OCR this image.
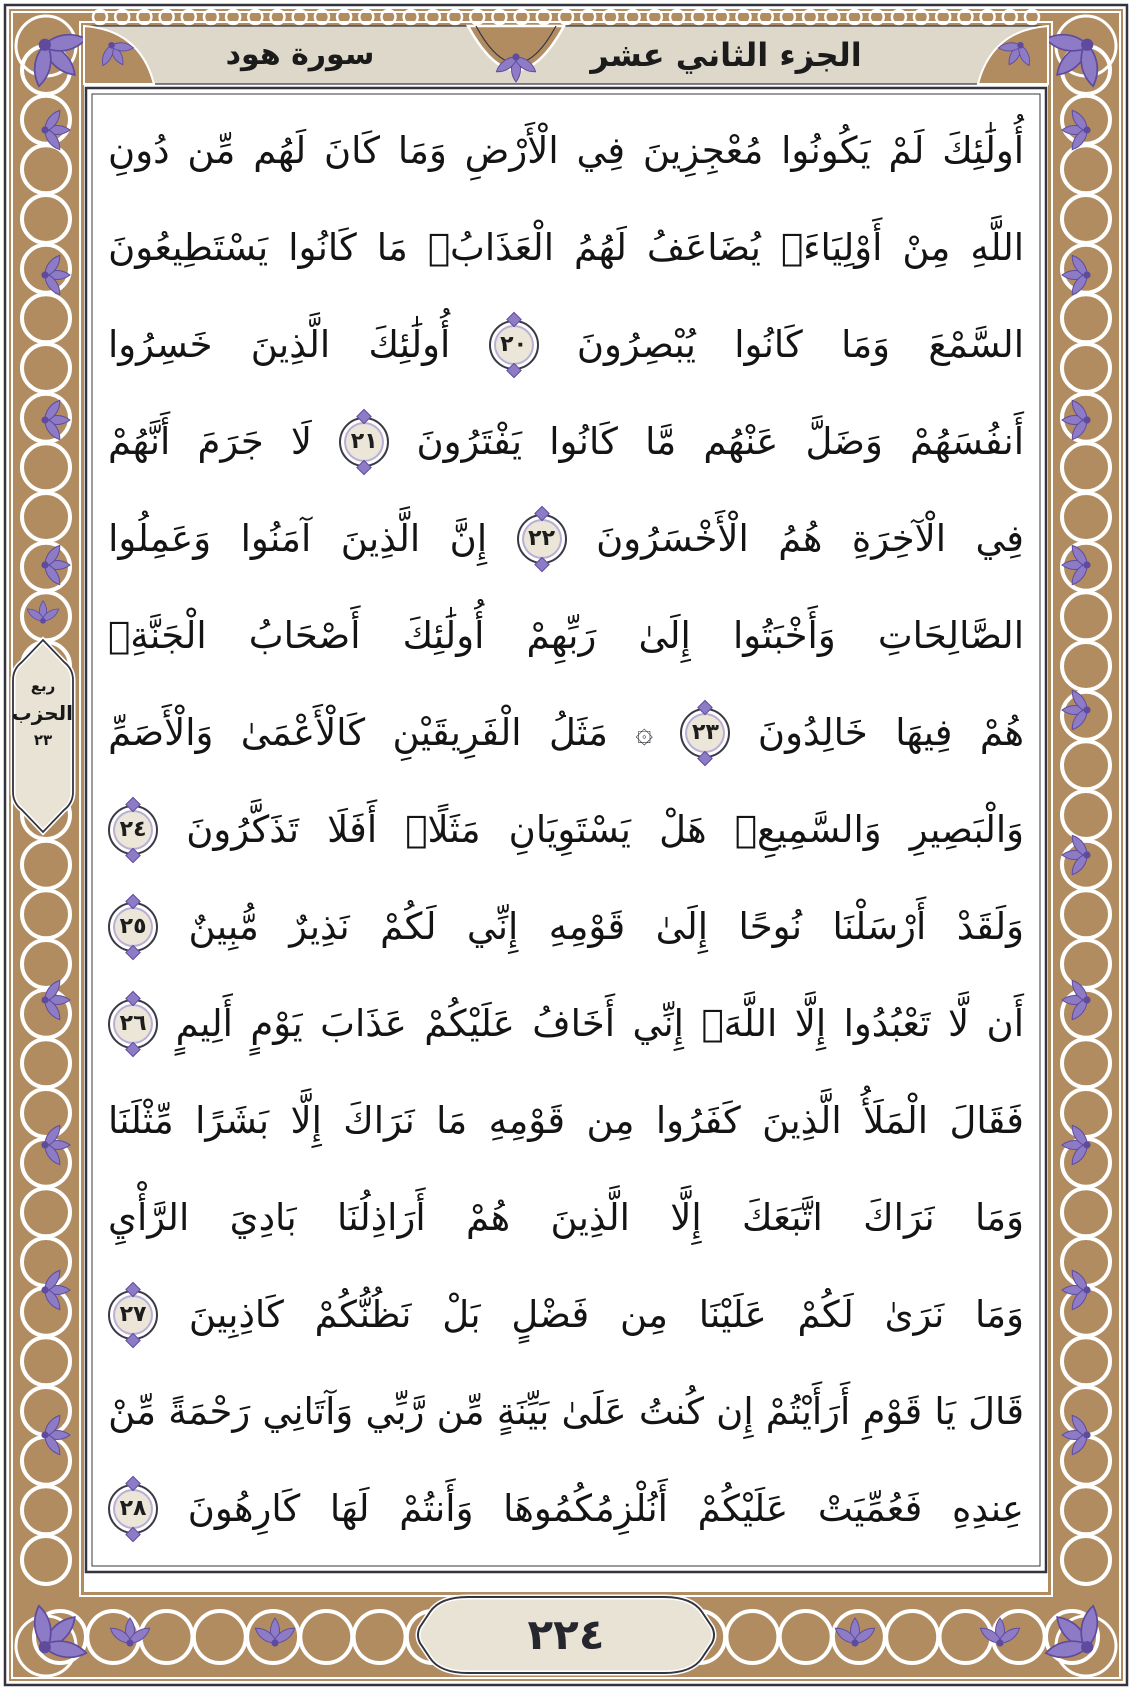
الجزء الثاني عشر
سورة هود
أُولَٰئِكَ
لَمْ
يَكُونُوا
مُعْجِزِينَ
فِي
الْأَرْضِ
وَمَا
كَانَ
لَهُم
مِّن
دُونِ
اللَّهِ
مِنْ
أَوْلِيَاءَۘ
يُضَاعَفُ
لَهُمُ
الْعَذَابُۚ
مَا
كَانُوا
يَسْتَطِيعُونَ
السَّمْعَ
وَمَا
كَانُوا
يُبْصِرُونَ
٢٠
أُولَٰئِكَ
الَّذِينَ
خَسِرُوا
أَنفُسَهُمْ
وَضَلَّ
عَنْهُم
مَّا
كَانُوا
يَفْتَرُونَ
٢١
لَا
جَرَمَ
أَنَّهُمْ
فِي
الْآخِرَةِ
هُمُ
الْأَخْسَرُونَ
٢٢
إِنَّ
الَّذِينَ
آمَنُوا
وَعَمِلُوا
الصَّالِحَاتِ
وَأَخْبَتُوا
إِلَىٰ
رَبِّهِمْ
أُولَٰئِكَ
أَصْحَابُ
الْجَنَّةِۖ
هُمْ
فِيهَا
خَالِدُونَ
٢٣
۞
مَثَلُ
الْفَرِيقَيْنِ
كَالْأَعْمَىٰ
وَالْأَصَمِّ
وَالْبَصِيرِ
وَالسَّمِيعِۚ
هَلْ
يَسْتَوِيَانِ
مَثَلًاۚ
أَفَلَا
تَذَكَّرُونَ
٢٤
وَلَقَدْ
أَرْسَلْنَا
نُوحًا
إِلَىٰ
قَوْمِهِ
إِنِّي
لَكُمْ
نَذِيرٌ
مُّبِينٌ
٢٥
أَن
لَّا
تَعْبُدُوا
إِلَّا
اللَّهَۖ
إِنِّي
أَخَافُ
عَلَيْكُمْ
عَذَابَ
يَوْمٍ
أَلِيمٍ
٢٦
فَقَالَ
الْمَلَأُ
الَّذِينَ
كَفَرُوا
مِن
قَوْمِهِ
مَا
نَرَاكَ
إِلَّا
بَشَرًا
مِّثْلَنَا
وَمَا
نَرَاكَ
اتَّبَعَكَ
إِلَّا
الَّذِينَ
هُمْ
أَرَاذِلُنَا
بَادِيَ
الرَّأْيِ
وَمَا
نَرَىٰ
لَكُمْ
عَلَيْنَا
مِن
فَضْلٍ
بَلْ
نَظُنُّكُمْ
كَاذِبِينَ
٢٧
قَالَ
يَا
قَوْمِ
أَرَأَيْتُمْ
إِن
كُنتُ
عَلَىٰ
بَيِّنَةٍ
مِّن
رَّبِّي
وَآتَانِي
رَحْمَةً
مِّنْ
عِندِهِ
فَعُمِّيَتْ
عَلَيْكُمْ
أَنُلْزِمُكُمُوهَا
وَأَنتُمْ
لَهَا
كَارِهُونَ
٢٨
ربع
الحزب
٢٣
٢٢٤
